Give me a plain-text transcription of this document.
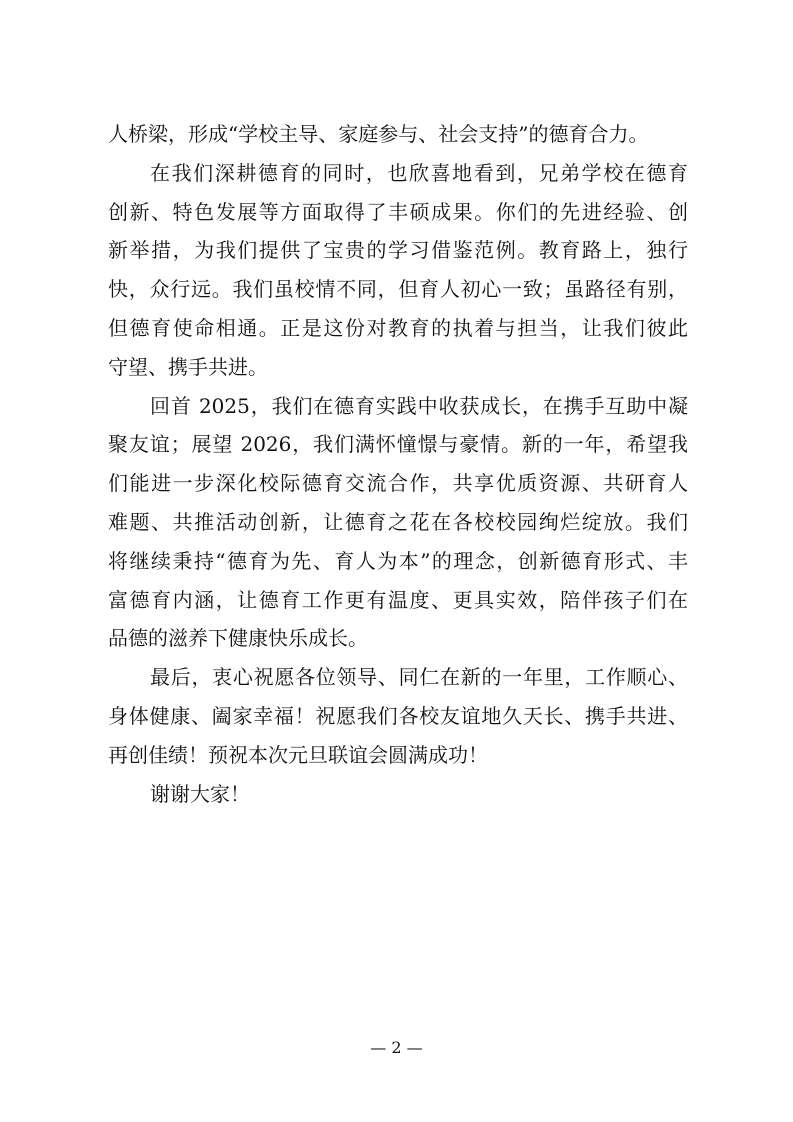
人桥梁，形成“学校主导、家庭参与、社会支持”的德育合力。
在我们深耕德育的同时，也欣喜地看到，兄弟学校在德育
创新、特色发展等方面取得了丰硕成果。你们的先进经验、创
新举措，为我们提供了宝贵的学习借鉴范例。教育路上，独行
快，众行远。我们虽校情不同，但育人初心一致；虽路径有别，
但德育使命相通。正是这份对教育的执着与担当，让我们彼此
守望、携手共进。
回首 2025，我们在德育实践中收获成长，在携手互助中凝
聚友谊；展望 2026，我们满怀憧憬与豪情。新的一年，希望我
们能进一步深化校际德育交流合作，共享优质资源、共研育人
难题、共推活动创新，让德育之花在各校校园绚烂绽放。我们
将继续秉持“德育为先、育人为本”的理念，创新德育形式、丰
富德育内涵，让德育工作更有温度、更具实效，陪伴孩子们在
品德的滋养下健康快乐成长。
最后，衷心祝愿各位领导、同仁在新的一年里，工作顺心、
身体健康、阖家幸福！祝愿我们各校友谊地久天长、携手共进、
再创佳绩！预祝本次元旦联谊会圆满成功！
谢谢大家！
— 2 —
